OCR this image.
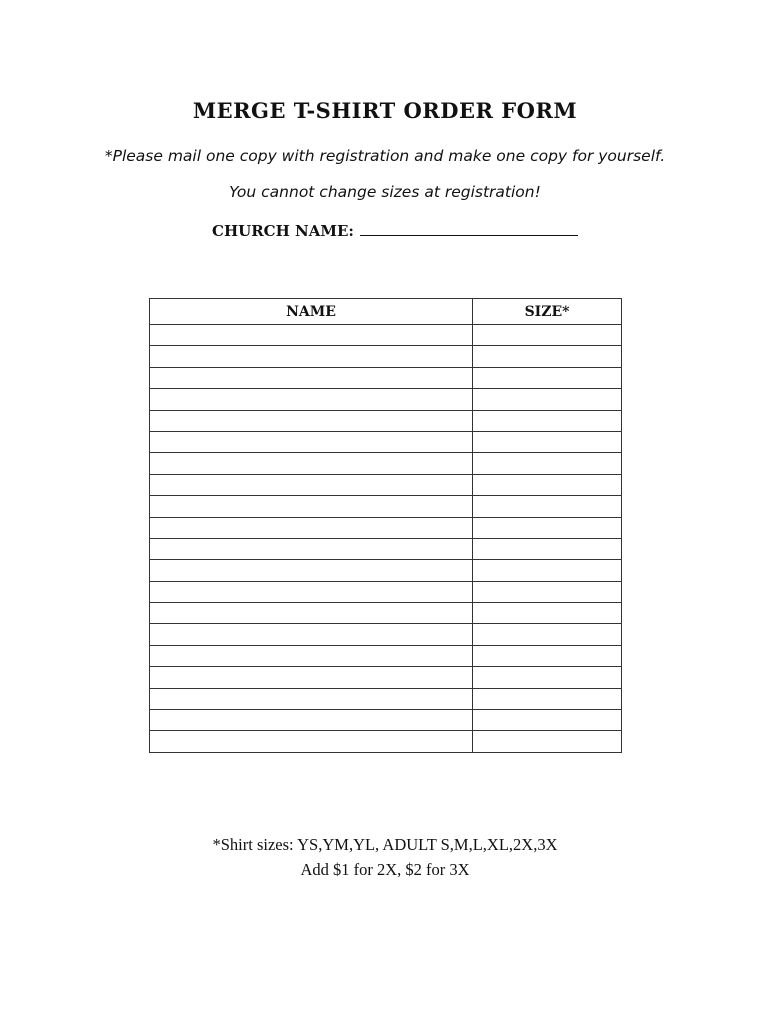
MERGE T-SHIRT ORDER FORM

*Please mail one copy with registration and make one copy for yourself.

You cannot change sizes at registration!

CHURCH NAME:
NAME	SIZE*

*Shirt sizes: YS,YM,YL, ADULT S,M,L,XL,2X,3X

Add $1 for 2X, $2 for 3X
